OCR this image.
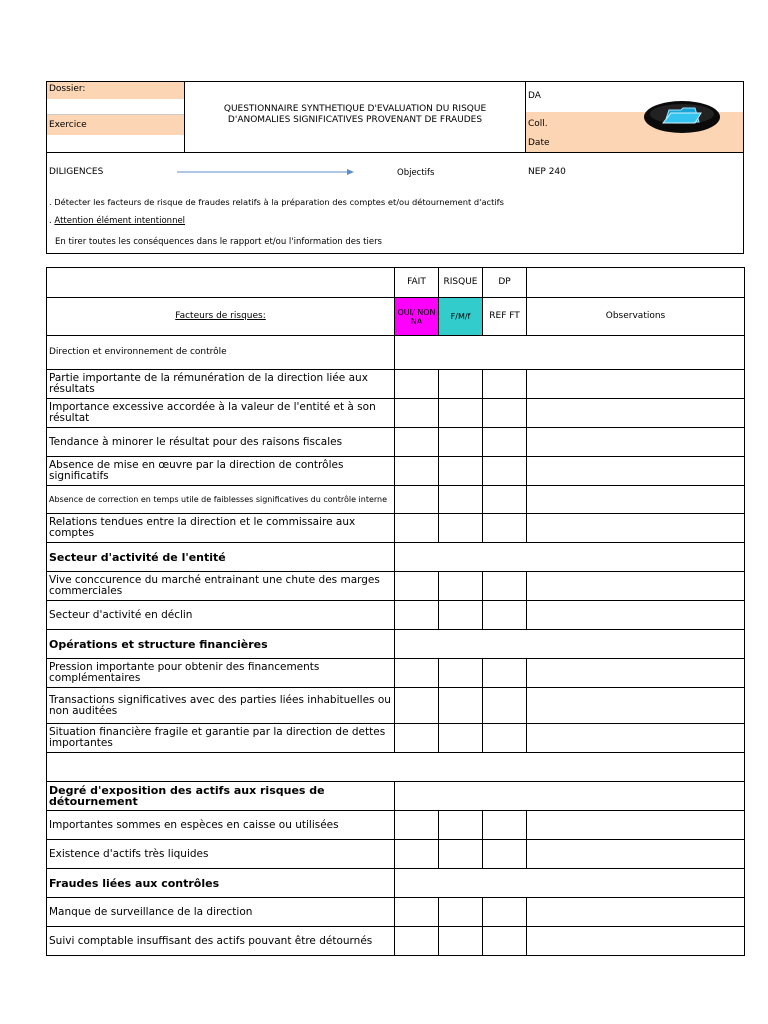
Dossier:
Exercice
QUESTIONNAIRE SYNTHETIQUE D'EVALUATION DU RISQUE
D'ANOMALIES SIGNIFICATIVES PROVENANT DE FRAUDES
DA
Coll.
Date
DILIGENCES	Objectifs	NEP 240
. Détecter les facteurs de risque de fraudes relatifs à la préparation des comptes et/ou détournement d'actifs
. Attention élément intentionnel
En tirer toutes les conséquences dans le rapport et/ou l'information des tiers
	FAIT	RISQUE	DP	
Facteurs de risques:	OUI/ NON NA	F/M/f	REF FT	Observations
Direction et environnement de contrôle				
Partie importante de la rémunération de la direction liée aux résultats				
Importance excessive accordée à la valeur de l'entité et à son résultat				
Tendance à minorer le résultat pour des raisons fiscales				
Absence de mise en œuvre par la direction de contrôles significatifs				
Absence de correction en temps utile de faiblesses significatives du contrôle interne				
Relations tendues entre la direction et le commissaire aux comptes				
Secteur d'activité de l'entité				
Vive conccurence du marché entrainant une chute des marges commerciales				
Secteur d'activité en déclin				
Opérations et structure financières				
Pression importante pour obtenir des financements complémentaires				
Transactions significatives avec des parties liées inhabituelles ou non auditées				
Situation financière fragile et garantie par la direction de dettes importantes				

Degré d'exposition des actifs aux risques de détournement				
Importantes sommes en espèces en caisse ou utilisées				
Existence d'actifs très liquides				
Fraudes liées aux contrôles				
Manque de surveillance de la direction				
Suivi comptable insuffisant des actifs pouvant être détournés				
